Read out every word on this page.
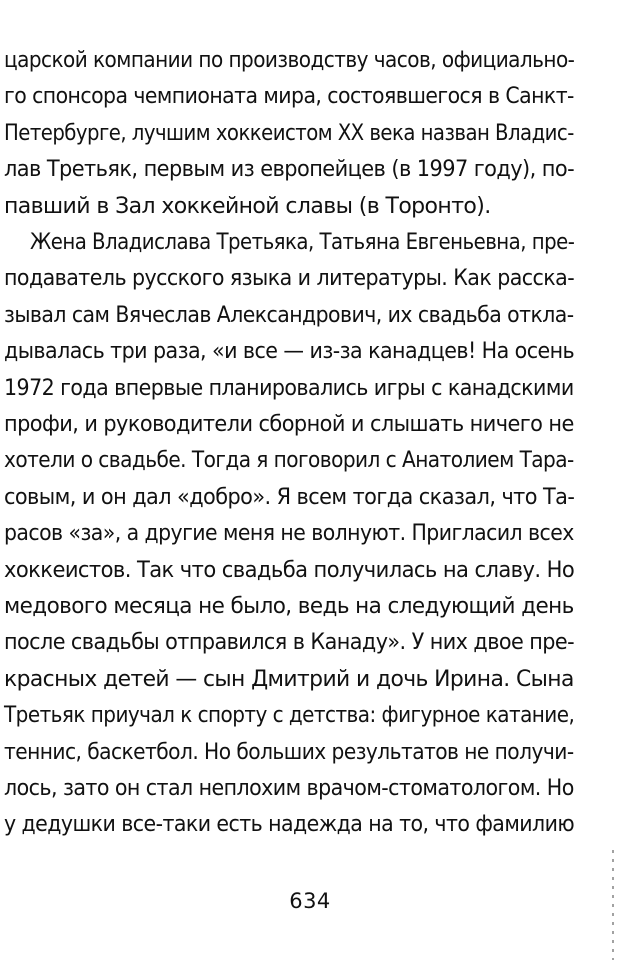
царской компании по производству часов, официально-
го спонсора чемпионата мира, состоявшегося в Санкт-
Петербурге, лучшим хоккеистом XX века назван Владис-
лав Третьяк, первым из европейцев (в 1997 году), по-
павший в Зал хоккейной славы (в Торонто).
Жена Владислава Третьяка, Татьяна Евгеньевна, пре-
подаватель русского языка и литературы. Как расска-
зывал сам Вячеслав Александрович, их свадьба откла-
дывалась три раза, «и все — из-за канадцев! На осень
1972 года впервые планировались игры с канадскими
профи, и руководители сборной и слышать ничего не
хотели о свадьбе. Тогда я поговорил с Анатолием Тара-
совым, и он дал «добро». Я всем тогда сказал, что Та-
расов «за», а другие меня не волнуют. Пригласил всех
хоккеистов. Так что свадьба получилась на славу. Но
медового месяца не было, ведь на следующий день
после свадьбы отправился в Канаду». У них двое пре-
красных детей — сын Дмитрий и дочь Ирина. Сына
Третьяк приучал к спорту с детства: фигурное катание,
теннис, баскетбол. Но больших результатов не получи-
лось, зато он стал неплохим врачом-стоматологом. Но
у дедушки все-таки есть надежда на то, что фамилию
634
